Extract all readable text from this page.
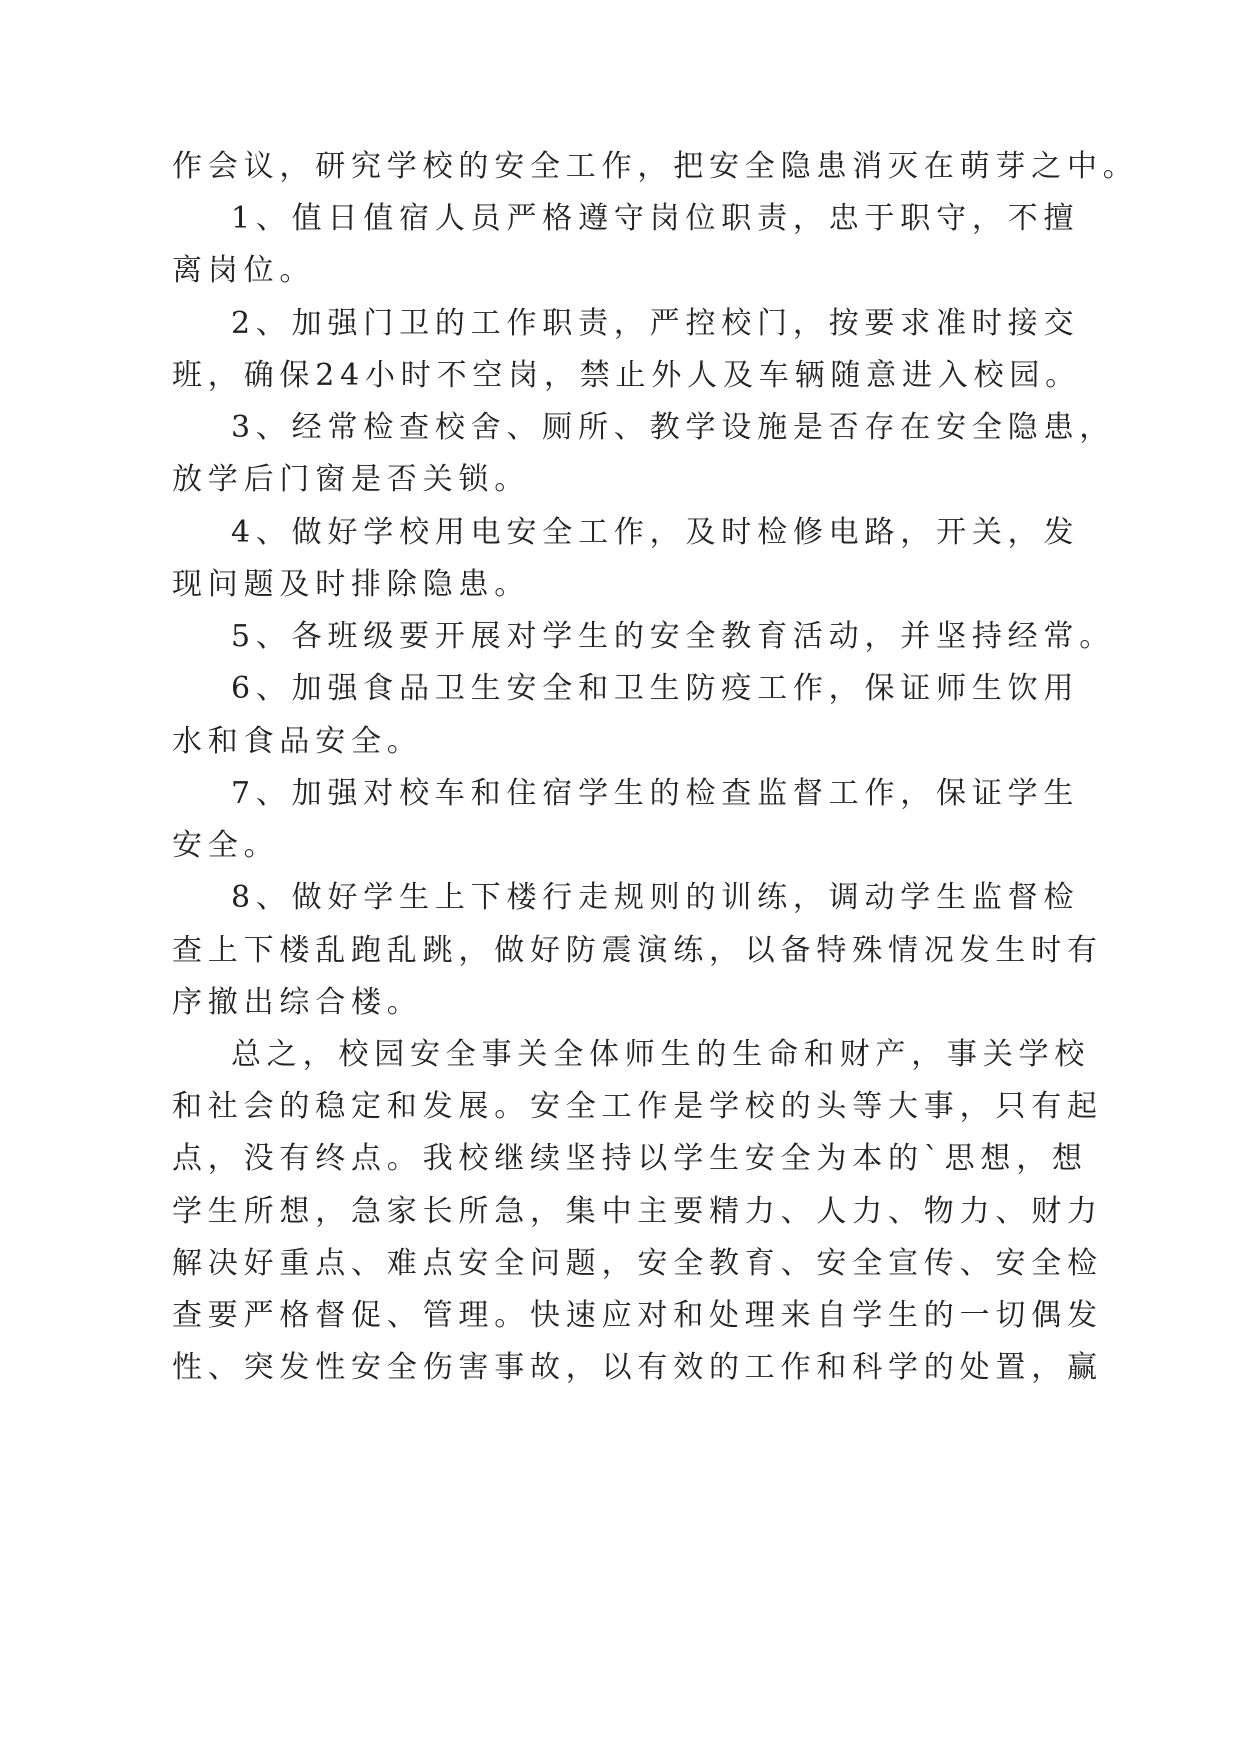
作会议，研究学校的安全工作，把安全隐患消灭在萌芽之中。
1、值日值宿人员严格遵守岗位职责，忠于职守，不擅
离岗位。
2、加强门卫的工作职责，严控校门，按要求准时接交
班，确保24小时不空岗，禁止外人及车辆随意进入校园。
3、经常检查校舍、厕所、教学设施是否存在安全隐患，
放学后门窗是否关锁。
4、做好学校用电安全工作，及时检修电路，开关，发
现问题及时排除隐患。
5、各班级要开展对学生的安全教育活动，并坚持经常。
6、加强食品卫生安全和卫生防疫工作，保证师生饮用
水和食品安全。
7、加强对校车和住宿学生的检查监督工作，保证学生
安全。
8、做好学生上下楼行走规则的训练，调动学生监督检
查上下楼乱跑乱跳，做好防震演练，以备特殊情况发生时有
序撤出综合楼。
总之，校园安全事关全体师生的生命和财产，事关学校
和社会的稳定和发展。安全工作是学校的头等大事，只有起
点，没有终点。我校继续坚持以学生安全为本的`思想，想
学生所想，急家长所急，集中主要精力、人力、物力、财力
解决好重点、难点安全问题，安全教育、安全宣传、安全检
查要严格督促、管理。快速应对和处理来自学生的一切偶发
性、突发性安全伤害事故，以有效的工作和科学的处置，赢
